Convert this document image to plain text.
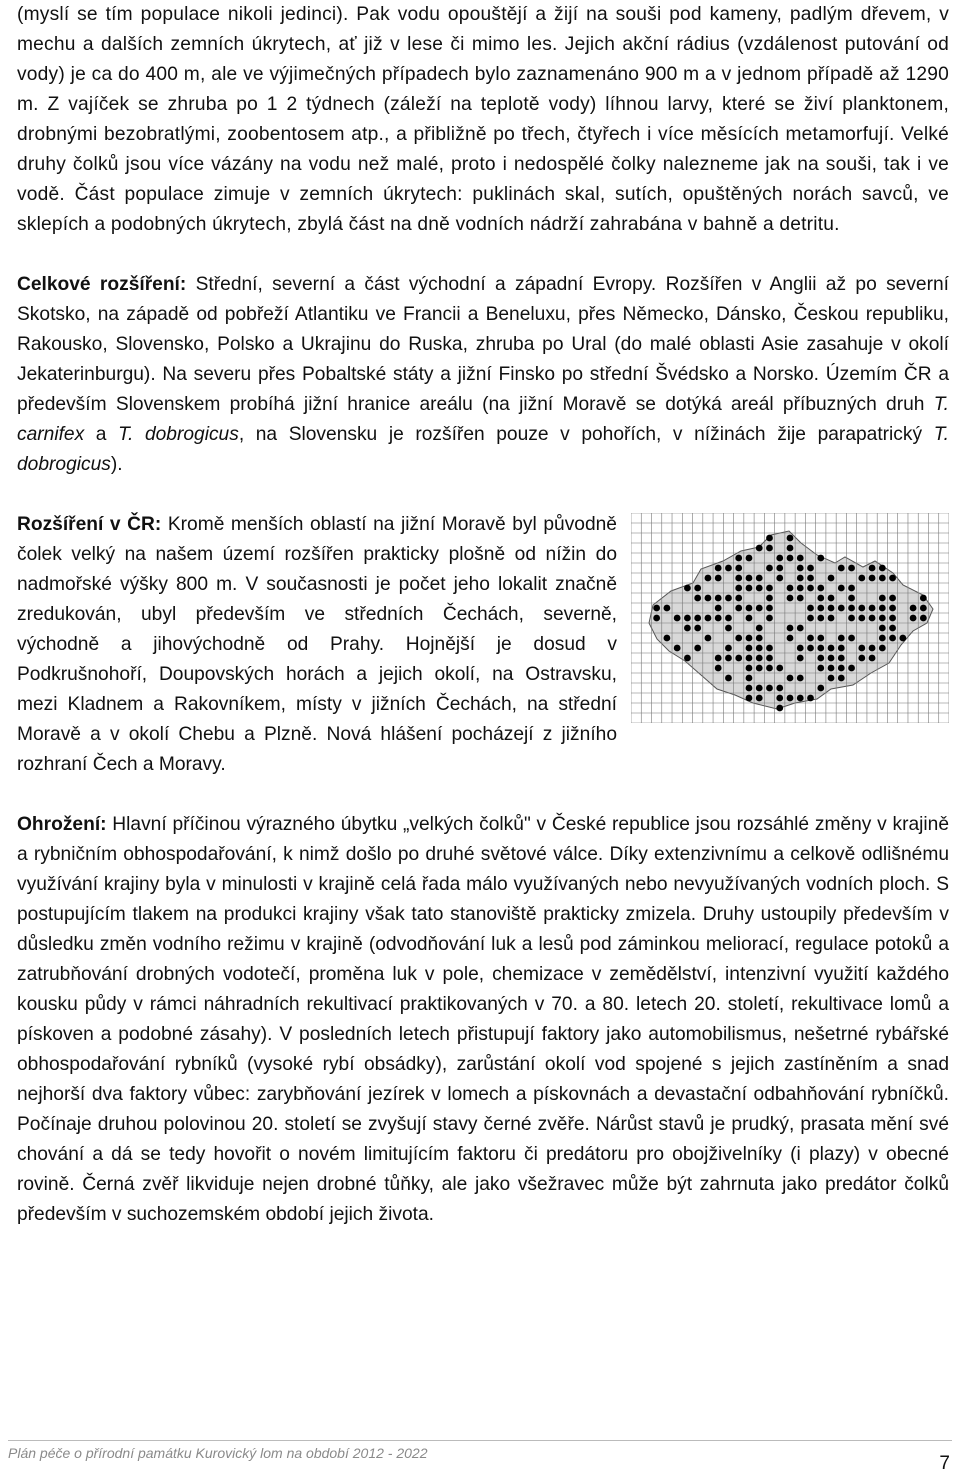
(myslí se tím populace nikoli jedinci). Pak vodu opouštějí a žijí na souši pod kameny, padlým dřevem, v mechu a dalších zemních úkrytech, ať již v lese či mimo les. Jejich akční rádius (vzdálenost putování od vody) je ca do 400 m, ale ve výjimečných případech bylo zaznamenáno 900 m a v jednom případě až 1290 m. Z vajíček se zhruba po 1 2 týdnech (záleží na teplotě vody) líhnou larvy, které se živí planktonem, drobnými bezobratlými, zoobentosem atp., a přibližně po třech, čtyřech i více měsících metamorfují. Velké druhy čolků jsou více vázány na vodu než malé, proto i nedospělé čolky nalezneme jak na souši, tak i ve vodě. Část populace zimuje v zemních úkrytech: puklinách skal, sutích, opuštěných norách savců, ve sklepích a podobných úkrytech, zbylá část na dně vodních nádrží zahrabána v bahně a detritu.

Celkové rozšíření: Střední, severní a část východní a západní Evropy. Rozšířen v Anglii až po severní Skotsko, na západě od pobřeží Atlantiku ve Francii a Beneluxu, přes Německo, Dánsko, Českou republiku, Rakousko, Slovensko, Polsko a Ukrajinu do Ruska, zhruba po Ural (do malé oblasti Asie zasahuje v okolí Jekaterinburgu). Na severu přes Pobaltské státy a jižní Finsko po střední Švédsko a Norsko. Územím ČR a především Slovenskem probíhá jižní hranice areálu (na jižní Moravě se dotýká areál příbuzných druh T. carnifex a T. dobrogicus, na Slovensku je rozšířen pouze v pohořích, v nížinách žije parapatrický T. dobrogicus).

Rozšíření v ČR: Kromě menších oblastí na jižní Moravě byl původně čolek velký na našem území rozšířen prakticky plošně od nížin do nadmořské výšky 800 m. V současnosti je počet jeho lokalit značně zredukován, ubyl především ve středních Čechách, severně, východně a jihovýchodně od Prahy. Hojnější je dosud v Podkrušnohoří, Doupovských horách a jejich okolí, na Ostravsku, mezi Kladnem a Rakovníkem, místy v jižních Čechách, na střední Moravě a v okolí Chebu a Plzně. Nová hlášení pocházejí z jižního rozhraní Čech a Moravy.

Ohrožení: Hlavní příčinou výrazného úbytku „velkých čolků" v České republice jsou rozsáhlé změny v krajině a rybničním obhospodařování, k nimž došlo po druhé světové válce. Díky extenzivnímu a celkově odlišnému využívání krajiny byla v minulosti v krajině celá řada málo využívaných nebo nevyužívaných vodních ploch. S postupujícím tlakem na produkci krajiny však tato stanoviště prakticky zmizela. Druhy ustoupily především v důsledku změn vodního režimu v krajině (odvodňování luk a lesů pod záminkou meliorací, regulace potoků a zatrubňování drobných vodotečí, proměna luk v pole, chemizace v zemědělství, intenzivní využití každého kousku půdy v rámci náhradních rekultivací praktikovaných v 70. a 80. letech 20. století, rekultivace lomů a pískoven a podobné zásahy). V posledních letech přistupují faktory jako automobilismus, nešetrné rybářské obhospodařování rybníků (vysoké rybí obsádky), zarůstání okolí vod spojené s jejich zastíněním a snad nejhorší dva faktory vůbec: zarybňování jezírek v lomech a pískovnách a devastační odbahňování rybníčků. Počínaje druhou polovinou 20. století se zvyšují stavy černé zvěře. Nárůst stavů je prudký, prasata mění své chování a dá se tedy hovořit o novém limitujícím faktoru či predátoru pro obojživelníky (i plazy) v obecné rovině. Černá zvěř likviduje nejen drobné tůňky, ale jako všežravec může být zahrnuta jako predátor čolků především v suchozemském období jejich života.

Plán péče o přírodní památku Kurovický lom na období 2012 - 2022	7
